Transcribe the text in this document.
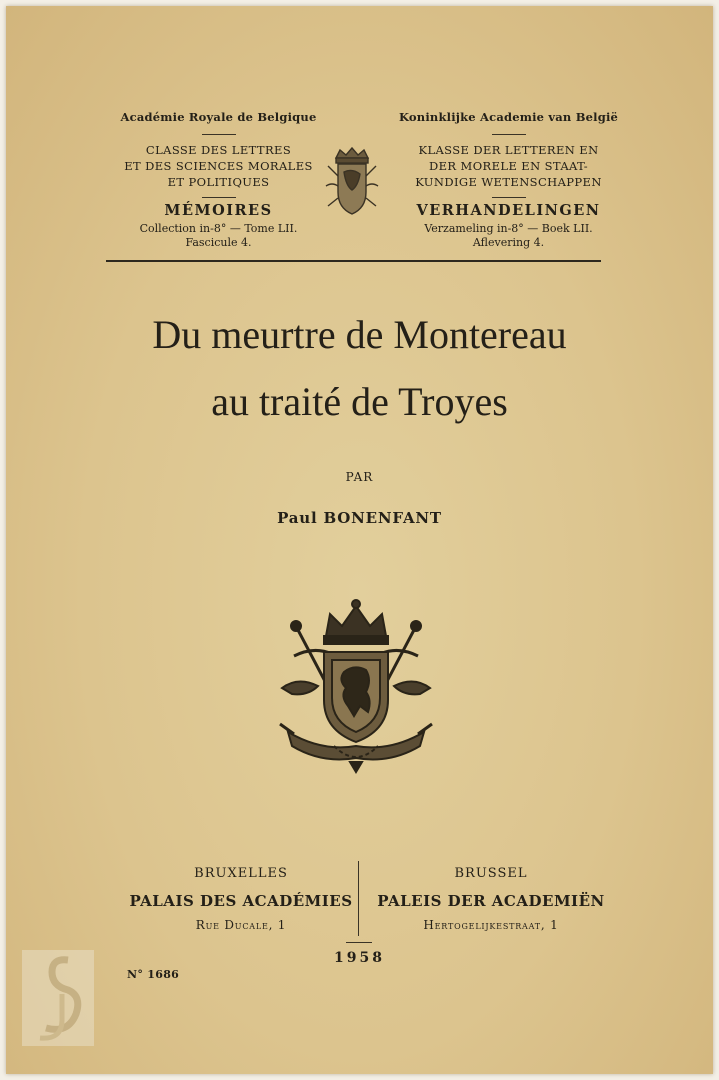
Académie Royale de Belgique
CLASSE DES LETTRES
ET DES SCIENCES MORALES
ET POLITIQUES
MÉMOIRES
Collection in-8° — Tome LII.
Fascicule 4.
Koninklijke Academie van België
KLASSE DER LETTEREN EN
DER MORELE EN STAAT-
KUNDIGE WETENSCHAPPEN
VERHANDELINGEN
Verzameling in-8° — Boek LII.
Aflevering 4.
Du meurtre de Montereau
au traité de Troyes
PAR
Paul BONENFANT
BRUXELLES
PALAIS DES ACADÉMIES
Rue Ducale, 1
BRUSSEL
PALEIS DER ACADEMIËN
Hertogelijkestraat, 1
1958
N° 1686
